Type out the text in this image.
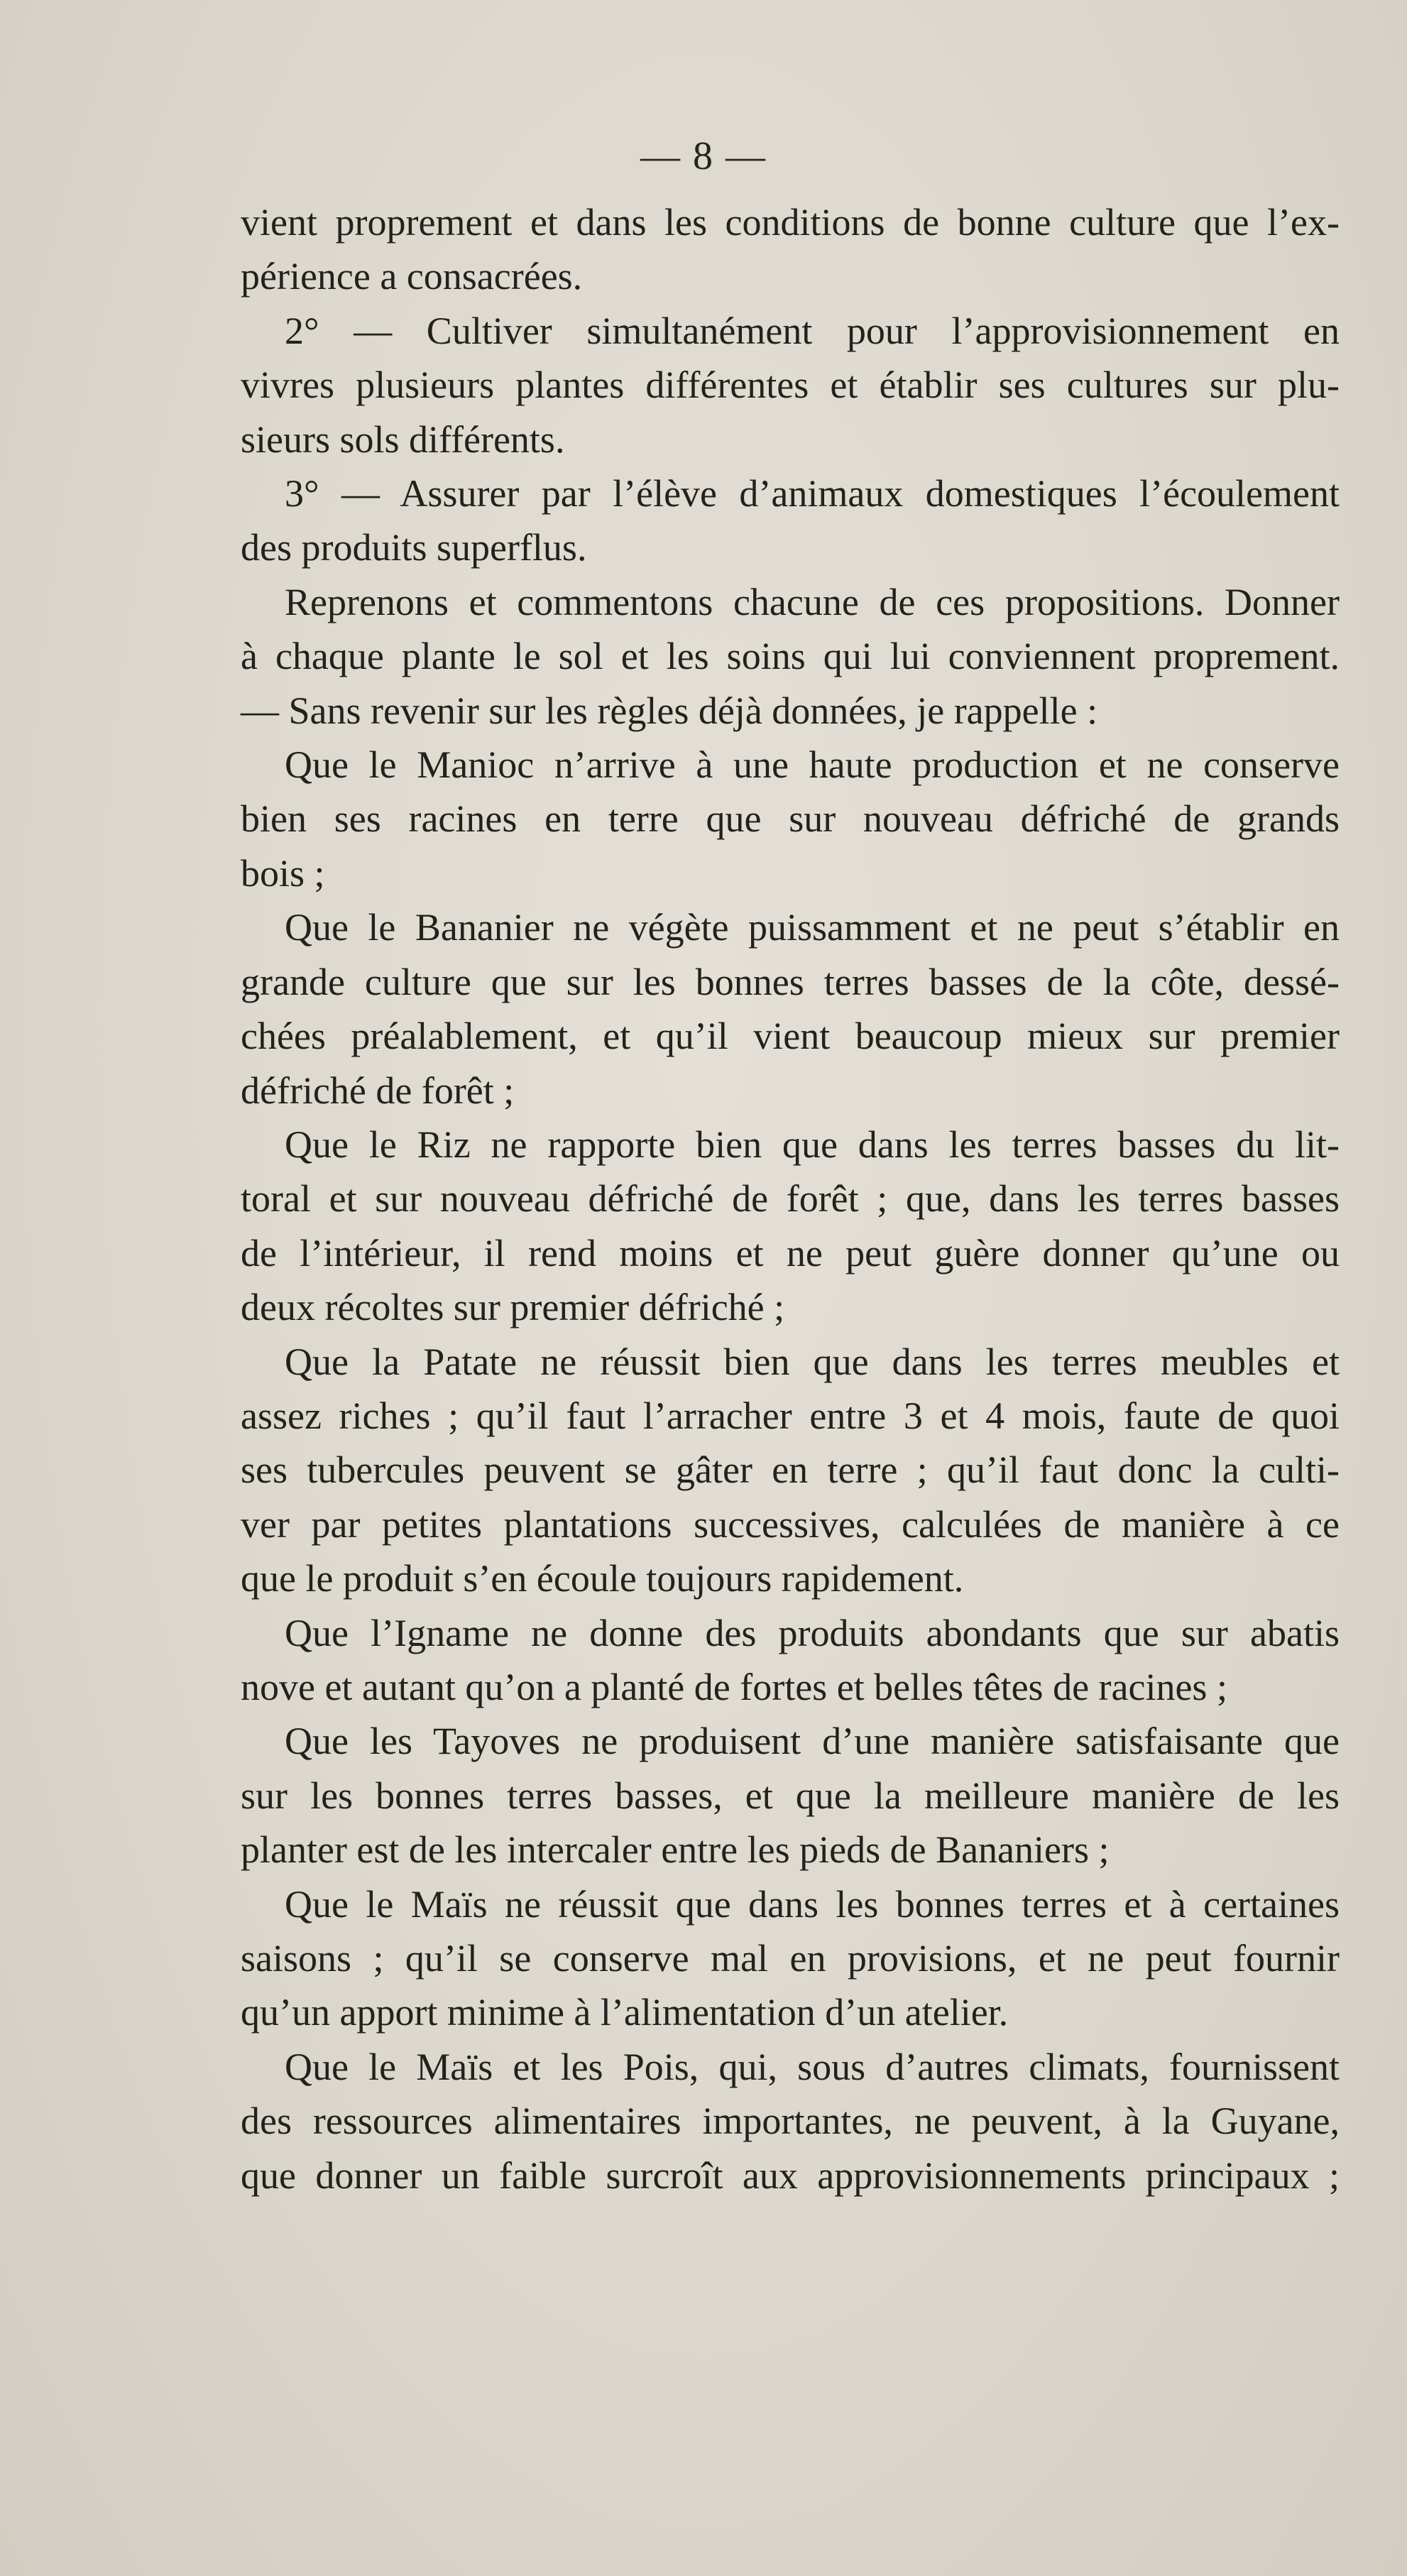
— 8 —
vient proprement et dans les conditions de bonne culture que l’ex-
périence a consacrées.
2° — Cultiver simultanément pour l’approvisionnement en
vivres plusieurs plantes différentes et établir ses cultures sur plu-
sieurs sols différents.
3° — Assurer par l’élève d’animaux domestiques l’écoulement
des produits superflus.
Reprenons et commentons chacune de ces propositions. Donner
à chaque plante le sol et les soins qui lui conviennent proprement.
— Sans revenir sur les règles déjà données, je rappelle :
Que le Manioc n’arrive à une haute production et ne conserve
bien ses racines en terre que sur nouveau défriché de grands
bois ;
Que le Bananier ne végète puissamment et ne peut s’établir en
grande culture que sur les bonnes terres basses de la côte, dessé-
chées préalablement, et qu’il vient beaucoup mieux sur premier
défriché de forêt ;
Que le Riz ne rapporte bien que dans les terres basses du lit-
toral et sur nouveau défriché de forêt ; que, dans les terres basses
de l’intérieur, il rend moins et ne peut guère donner qu’une ou
deux récoltes sur premier défriché ;
Que la Patate ne réussit bien que dans les terres meubles et
assez riches ; qu’il faut l’arracher entre 3 et 4 mois, faute de quoi
ses tubercules peuvent se gâter en terre ; qu’il faut donc la culti-
ver par petites plantations successives, calculées de manière à ce
que le produit s’en écoule toujours rapidement.
Que l’Igname ne donne des produits abondants que sur abatis
nove et autant qu’on a planté de fortes et belles têtes de racines ;
Que les Tayoves ne produisent d’une manière satisfaisante que
sur les bonnes terres basses, et que la meilleure manière de les
planter est de les intercaler entre les pieds de Bananiers ;
Que le Maïs ne réussit que dans les bonnes terres et à certaines
saisons ; qu’il se conserve mal en provisions, et ne peut fournir
qu’un apport minime à l’alimentation d’un atelier.
Que le Maïs et les Pois, qui, sous d’autres climats, fournissent
des ressources alimentaires importantes, ne peuvent, à la Guyane,
que donner un faible surcroît aux approvisionnements principaux ;
